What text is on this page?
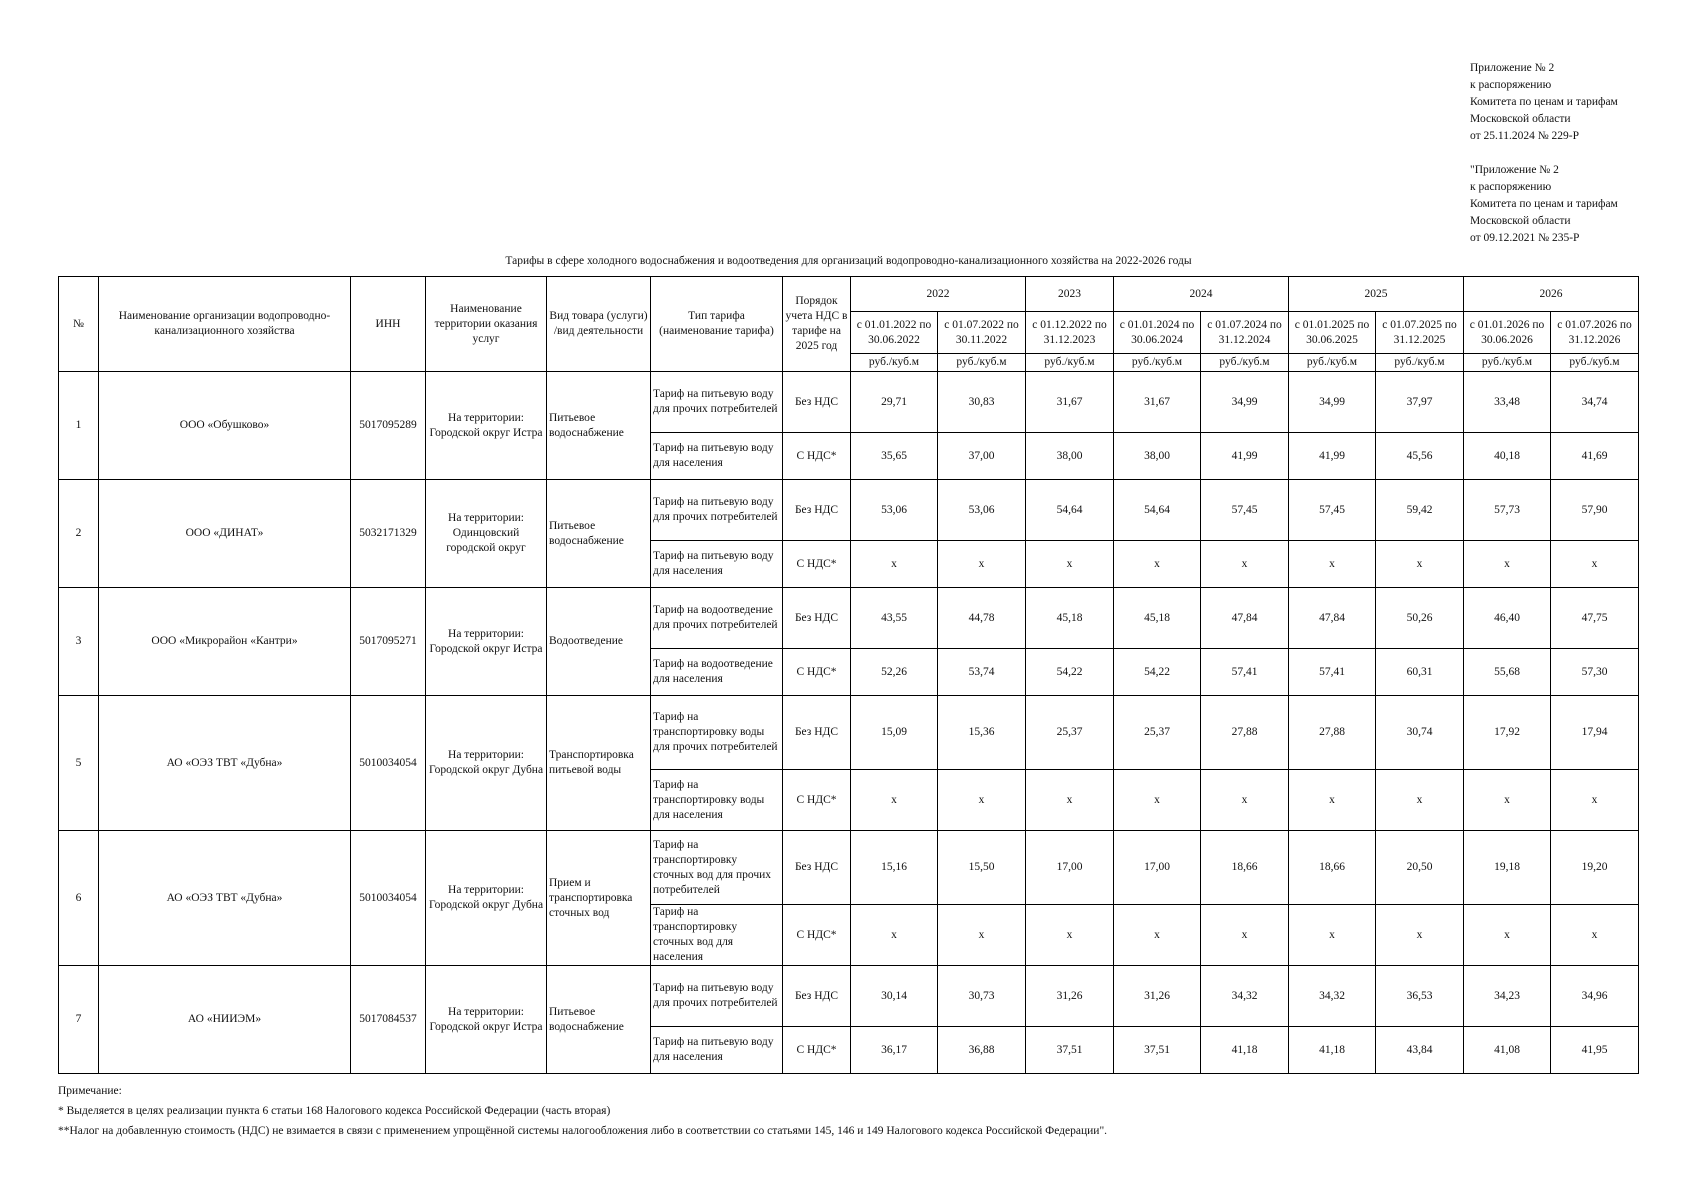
Приложение № 2
к распоряжению
Комитета по ценам и тарифам
Московской области
от 25.11.2024 № 229-Р
"Приложение № 2
к распоряжению
Комитета по ценам и тарифам
Московской области
от 09.12.2021 № 235-Р
Тарифы в сфере холодного водоснабжения и водоотведения для организаций водопроводно-канализационного хозяйства на 2022-2026 годы
№	Наименование организации водопроводно-канализационного хозяйства	ИНН	Наименование территории оказания услуг	Вид товара (услуги) /вид деятельности	Тип тарифа (наименование тарифа)	Порядок учета НДС в тарифе на 2025 год	2022		2023	2024		2025		2026	
							с 01.01.2022 по 30.06.2022	с 01.07.2022 по 30.11.2022	с 01.12.2022 по 31.12.2023	с 01.01.2024 по 30.06.2024	с 01.07.2024 по 31.12.2024	с 01.01.2025 по 30.06.2025	с 01.07.2025 по 31.12.2025	с 01.01.2026 по 30.06.2026	с 01.07.2026 по 31.12.2026
							руб./куб.м	руб./куб.м	руб./куб.м	руб./куб.м	руб./куб.м	руб./куб.м	руб./куб.м	руб./куб.м	руб./куб.м
1	ООО «Обушково»	5017095289	На территории: Городской округ Истра	Питьевое водоснабжение	Тариф на питьевую воду для прочих потребителей	Без НДС	29,71	30,83	31,67	31,67	34,99	34,99	37,97	33,48	34,74
					Тариф на питьевую воду для населения	С НДС*	35,65	37,00	38,00	38,00	41,99	41,99	45,56	40,18	41,69
2	ООО «ДИНАТ»	5032171329	На территории: Одинцовский городской округ	Питьевое водоснабжение	Тариф на питьевую воду для прочих потребителей	Без НДС	53,06	53,06	54,64	54,64	57,45	57,45	59,42	57,73	57,90
					Тариф на питьевую воду для населения	С НДС*	x	x	x	x	x	x	x	x	x
3	ООО «Микрорайон «Кантри»	5017095271	На территории: Городской округ Истра	Водоотведение	Тариф на водоотведение для прочих потребителей	Без НДС	43,55	44,78	45,18	45,18	47,84	47,84	50,26	46,40	47,75
					Тариф на водоотведение для населения	С НДС*	52,26	53,74	54,22	54,22	57,41	57,41	60,31	55,68	57,30
5	АО «ОЭЗ ТВТ «Дубна»	5010034054	На территории: Городской округ Дубна	Транспортировка питьевой воды	Тариф на транспортировку воды для прочих потребителей	Без НДС	15,09	15,36	25,37	25,37	27,88	27,88	30,74	17,92	17,94
					Тариф на транспортировку воды для населения	С НДС*	x	x	x	x	x	x	x	x	x
6	АО «ОЭЗ ТВТ «Дубна»	5010034054	На территории: Городской округ Дубна	Прием и транспортировка сточных вод	Тариф на транспортировку сточных вод для прочих потребителей	Без НДС	15,16	15,50	17,00	17,00	18,66	18,66	20,50	19,18	19,20
					Тариф на транспортировку сточных вод для населения	С НДС*	x	x	x	x	x	x	x	x	x
7	АО «НИИЭМ»	5017084537	На территории: Городской округ Истра	Питьевое водоснабжение	Тариф на питьевую воду для прочих потребителей	Без НДС	30,14	30,73	31,26	31,26	34,32	34,32	36,53	34,23	34,96
					Тариф на питьевую воду для населения	С НДС*	36,17	36,88	37,51	37,51	41,18	41,18	43,84	41,08	41,95
Примечание:
* Выделяется в целях реализации пункта 6 статьи 168 Налогового кодекса Российской Федерации (часть вторая)
**Налог на добавленную стоимость (НДС) не взимается в связи с применением упрощённой системы налогообложения либо в соответствии со статьями 145, 146 и 149 Налогового кодекса Российской Федерации".
